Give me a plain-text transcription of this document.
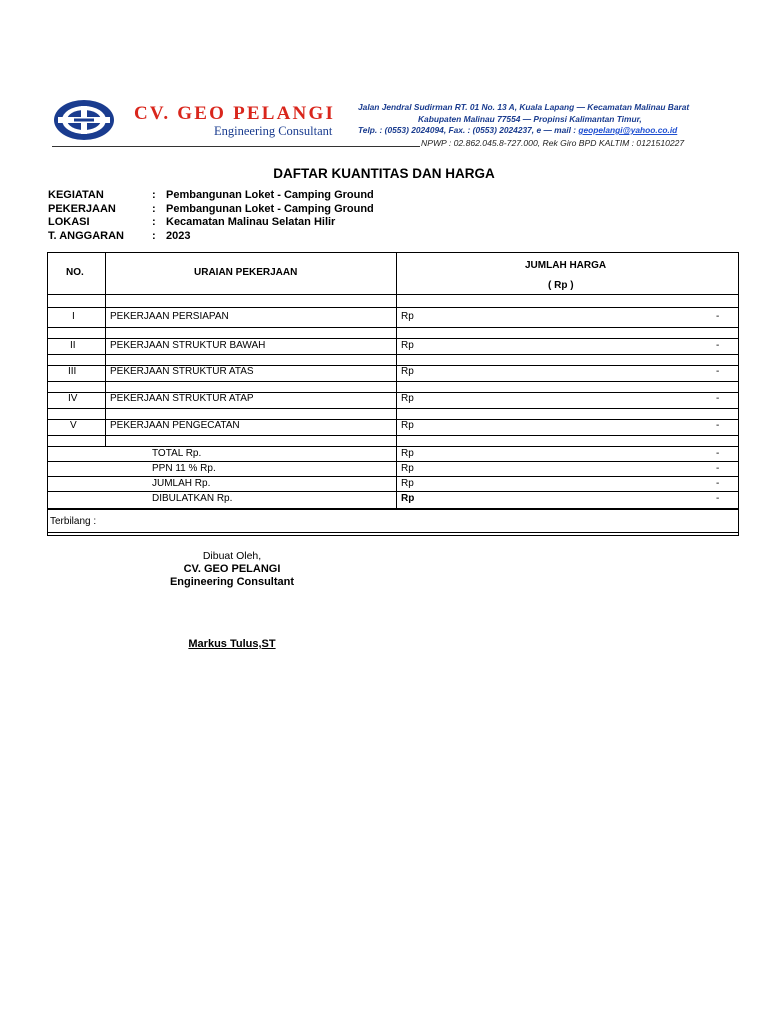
CV. GEO PELANGI
Engineering Consultant
Jalan Jendral Sudirman RT. 01 No. 13 A, Kuala Lapang — Kecamatan Malinau Barat
Kabupaten Malinau 77554 — Propinsi Kalimantan Timur,
Telp. : (0553) 2024094, Fax. : (0553) 2024237, e — mail : geopelangi@yahoo.co.id
NPWP : 02.862.045.8-727.000, Rek Giro BPD KALTIM : 0121510227
DAFTAR KUANTITAS DAN HARGA
KEGIATAN	: Pembangunan Loket - Camping Ground
PEKERJAAN	: Pembangunan Loket - Camping Ground
LOKASI	: Kecamatan Malinau Selatan Hilir
T. ANGGARAN	: 2023
NO.	URAIAN PEKERJAAN
JUMLAH HARGA
( Rp )
I	PEKERJAAN PERSIAPAN	Rp	-
II	PEKERJAAN STRUKTUR BAWAH	Rp	-
III	PEKERJAAN STRUKTUR ATAS	Rp	-
IV	PEKERJAAN STRUKTUR ATAP	Rp	-
V	PEKERJAAN PENGECATAN	Rp	-
TOTAL Rp.	Rp	-
PPN 11 % Rp.	Rp	-
JUMLAH Rp.	Rp	-
DIBULATKAN Rp.	Rp	-
Terbilang :
Dibuat Oleh,
CV. GEO PELANGI
Engineering Consultant
Markus Tulus,ST
